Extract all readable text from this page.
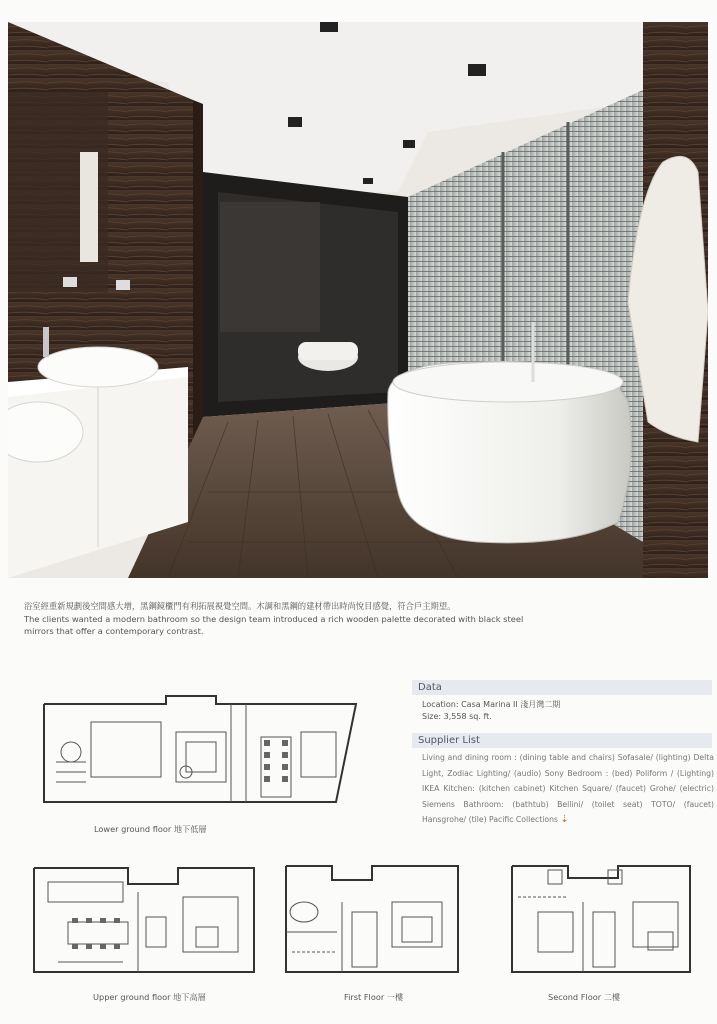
浴室經重新規劃後空間感大增，黑鋼鏡櫃門有利拓展視覺空間。木調和黑鋼的建材帶出時尚悅目感覺，符合戶主期望。
The clients wanted a modern bathroom so the design team introduced a rich wooden palette decorated with black steel
mirrors that offer a contemporary contrast.
Data
Location: Casa Marina II 淺月灣二期
Size: 3,558 sq. ft.
Supplier List
Living and dining room : (dining table and chairs) Sofasale/ (lighting) Delta Light, Zodiac Lighting/ (audio) Sony Bedroom : (bed) Poliform / (Lighting) IKEA Kitchen: (kitchen cabinet) Kitchen Square/ (faucet) Grohe/ (electric) Siemens Bathroom: (bathtub) Bellini/ (toilet seat) TOTO/ (faucet) Hansgrohe/ (tile) Pacific Collections ⇣
Lower ground floor 地下低層
Upper ground floor 地下高層	First Floor 一樓	Second Floor 二樓
